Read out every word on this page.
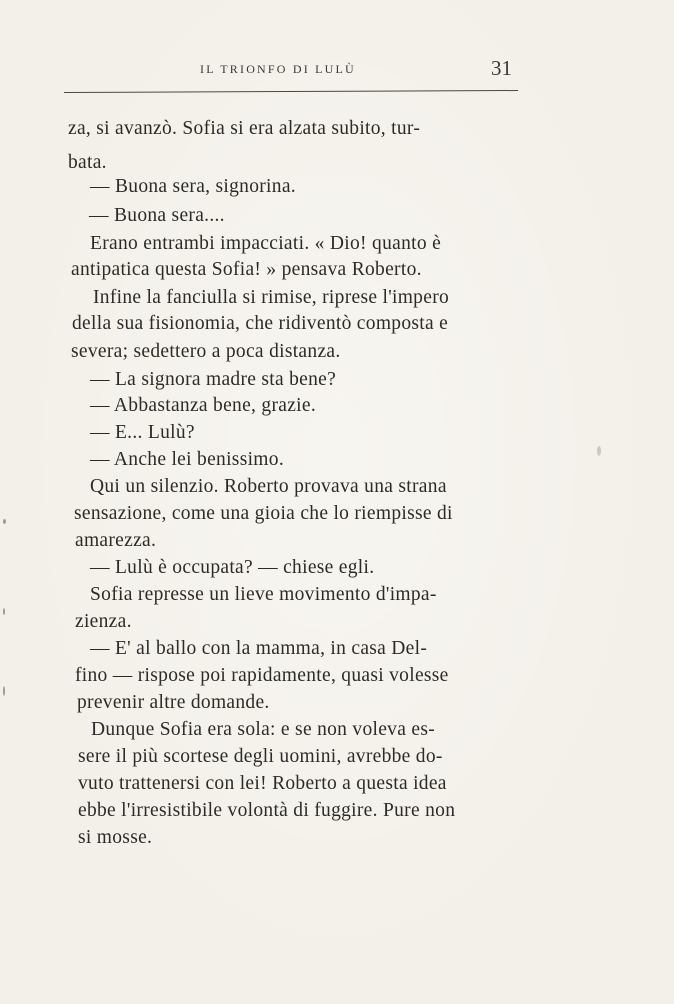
IL TRIONFO DI LULÙ	31
za, si avanzò. Sofia si era alzata subito, tur-
bata.
— Buona sera, signorina.
— Buona sera....
Erano entrambi impacciati. « Dio! quanto è
antipatica questa Sofia! » pensava Roberto.
Infine la fanciulla si rimise, riprese l'impero
della sua fisionomia, che ridiventò composta e
severa; sedettero a poca distanza.
— La signora madre sta bene?
— Abbastanza bene, grazie.
— E... Lulù?
— Anche lei benissimo.
Qui un silenzio. Roberto provava una strana
sensazione, come una gioia che lo riempisse di
amarezza.
— Lulù è occupata? — chiese egli.
Sofia represse un lieve movimento d'impa-
zienza.
— E' al ballo con la mamma, in casa Del-
fino — rispose poi rapidamente, quasi volesse
prevenir altre domande.
Dunque Sofia era sola: e se non voleva es-
sere il più scortese degli uomini, avrebbe do-
vuto trattenersi con lei! Roberto a questa idea
ebbe l'irresistibile volontà di fuggire. Pure non
si mosse.
